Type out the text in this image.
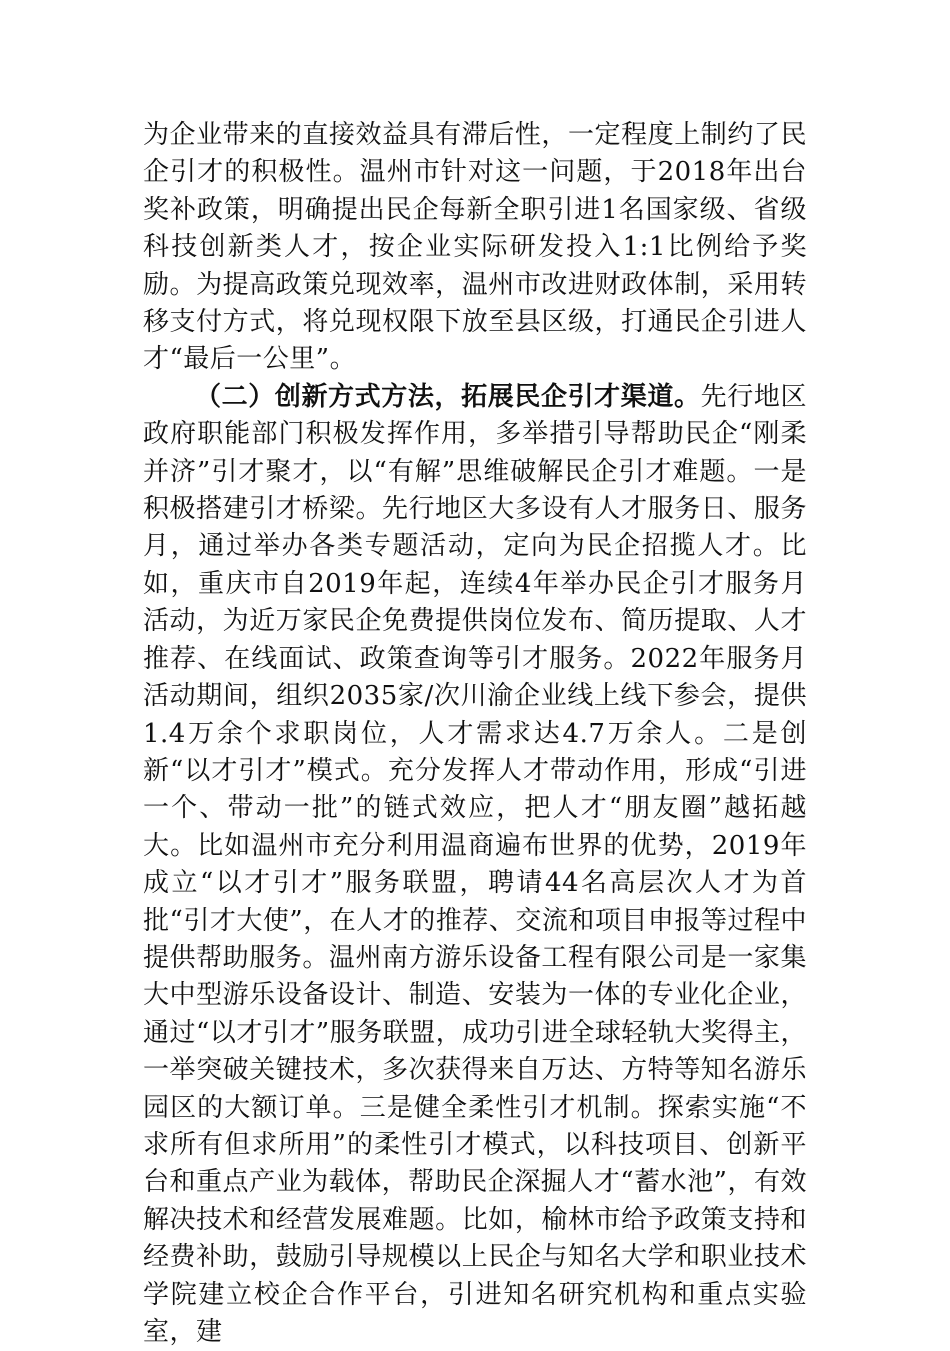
为企业带来的直接效益具有滞后性，一定程度上制约了民企引才的积极性。温州市针对这一问题，于2018年出台奖补政策，明确提出民企每新全职引进1名国家级、省级科技创新类人才，按企业实际研发投入1:1比例给予奖励。为提高政策兑现效率，温州市改进财政体制，采用转移支付方式，将兑现权限下放至县区级，打通民企引进人才“最后一公里”。

（二）创新方式方法，拓展民企引才渠道。先行地区政府职能部门积极发挥作用，多举措引导帮助民企“刚柔并济”引才聚才，以“有解”思维破解民企引才难题。一是积极搭建引才桥梁。先行地区大多设有人才服务日、服务月，通过举办各类专题活动，定向为民企招揽人才。比如，重庆市自2019年起，连续4年举办民企引才服务月活动，为近万家民企免费提供岗位发布、简历提取、人才推荐、在线面试、政策查询等引才服务。2022年服务月活动期间，组织2035家/次川渝企业线上线下参会，提供1.4万余个求职岗位，人才需求达4.7万余人。二是创新“以才引才”模式。充分发挥人才带动作用，形成“引进一个、带动一批”的链式效应，把人才“朋友圈”越拓越大。比如温州市充分利用温商遍布世界的优势，2019年成立“以才引才”服务联盟，聘请44名高层次人才为首批“引才大使”，在人才的推荐、交流和项目申报等过程中提供帮助服务。温州南方游乐设备工程有限公司是一家集大中型游乐设备设计、制造、安装为一体的专业化企业，通过“以才引才”服务联盟，成功引进全球轻轨大奖得主，一举突破关键技术，多次获得来自万达、方特等知名游乐园区的大额订单。三是健全柔性引才机制。探索实施“不求所有但求所用”的柔性引才模式，以科技项目、创新平台和重点产业为载体，帮助民企深掘人才“蓄水池”，有效解决技术和经营发展难题。比如，榆林市给予政策支持和经费补助，鼓励引导规模以上民企与知名大学和职业技术学院建立校企合作平台，引进知名研究机构和重点实验室，建
